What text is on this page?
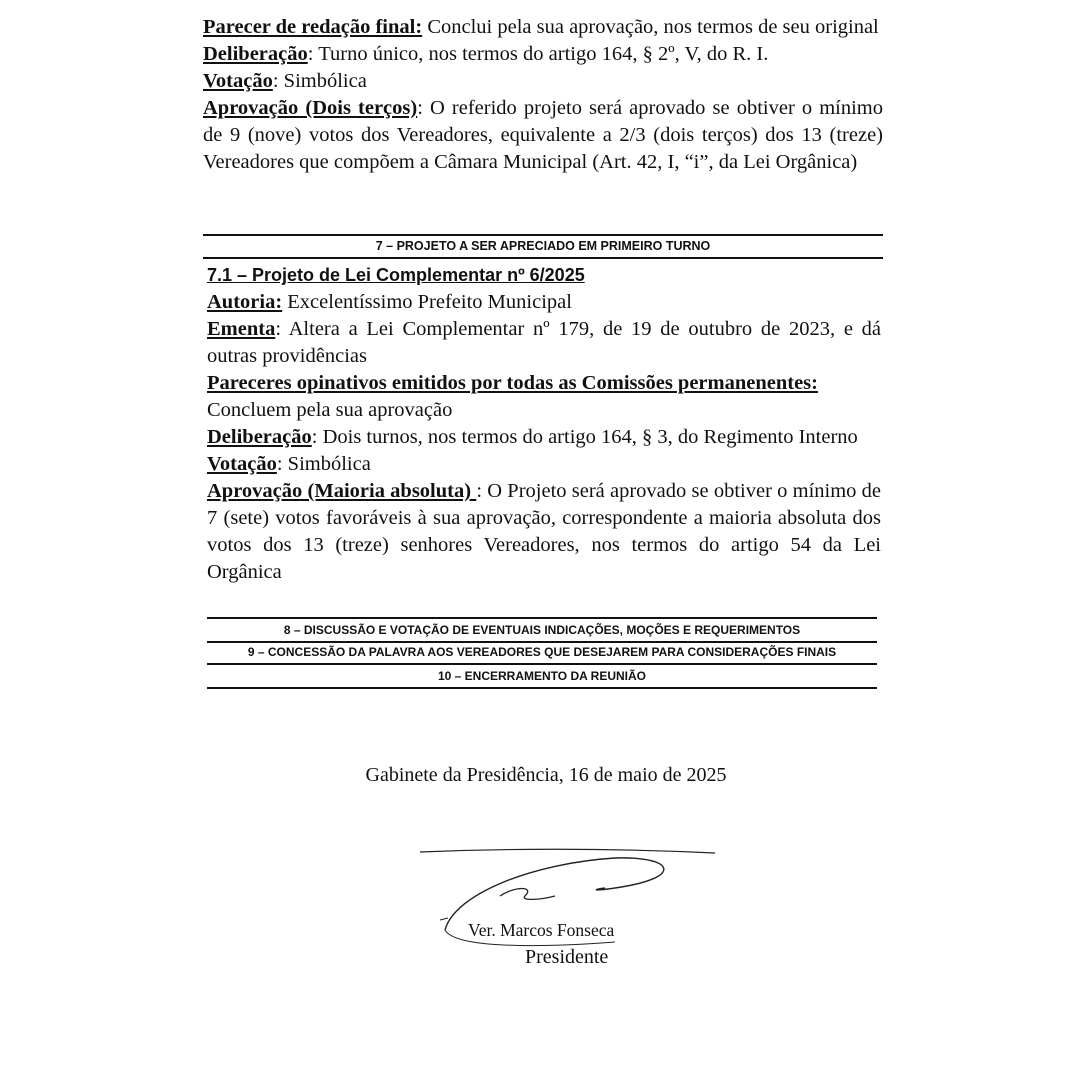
Parecer de redação final: Conclui pela sua aprovação, nos termos de seu original

Deliberação: Turno único, nos termos do artigo 164, § 2º, V, do R. I.

Votação: Simbólica

Aprovação (Dois terços): O referido projeto será aprovado se obtiver o mínimo de 9 (nove) votos dos Vereadores, equivalente a 2/3 (dois terços) dos 13 (treze) Vereadores que compõem a Câmara Municipal (Art. 42, I, “i”, da Lei Orgânica)

7 – PROJETO A SER APRECIADO EM PRIMEIRO TURNO
7.1 – Projeto de Lei Complementar nº 6/2025

Autoria: Excelentíssimo Prefeito Municipal

Ementa: Altera a Lei Complementar nº 179, de 19 de outubro de 2023, e dá outras providências

Pareceres opinativos emitidos por todas as Comissões permanenentes:

Concluem pela sua aprovação

Deliberação: Dois turnos, nos termos do artigo 164, § 3, do Regimento Interno

Votação: Simbólica

Aprovação (Maioria absoluta) : O Projeto será aprovado se obtiver o mínimo de 7 (sete) votos favoráveis à sua aprovação, correspondente a maioria absoluta dos votos dos 13 (treze) senhores Vereadores, nos termos do artigo 54 da Lei Orgânica

8 – DISCUSSÃO E VOTAÇÃO DE EVENTUAIS INDICAÇÕES, MOÇÕES E REQUERIMENTOS
9 – CONCESSÃO DA PALAVRA AOS VEREADORES QUE DESEJAREM PARA CONSIDERAÇÕES FINAIS
10 – ENCERRAMENTO DA REUNIÃO
Gabinete da Presidência, 16 de maio de 2025
Ver. Marcos Fonseca
Presidente
